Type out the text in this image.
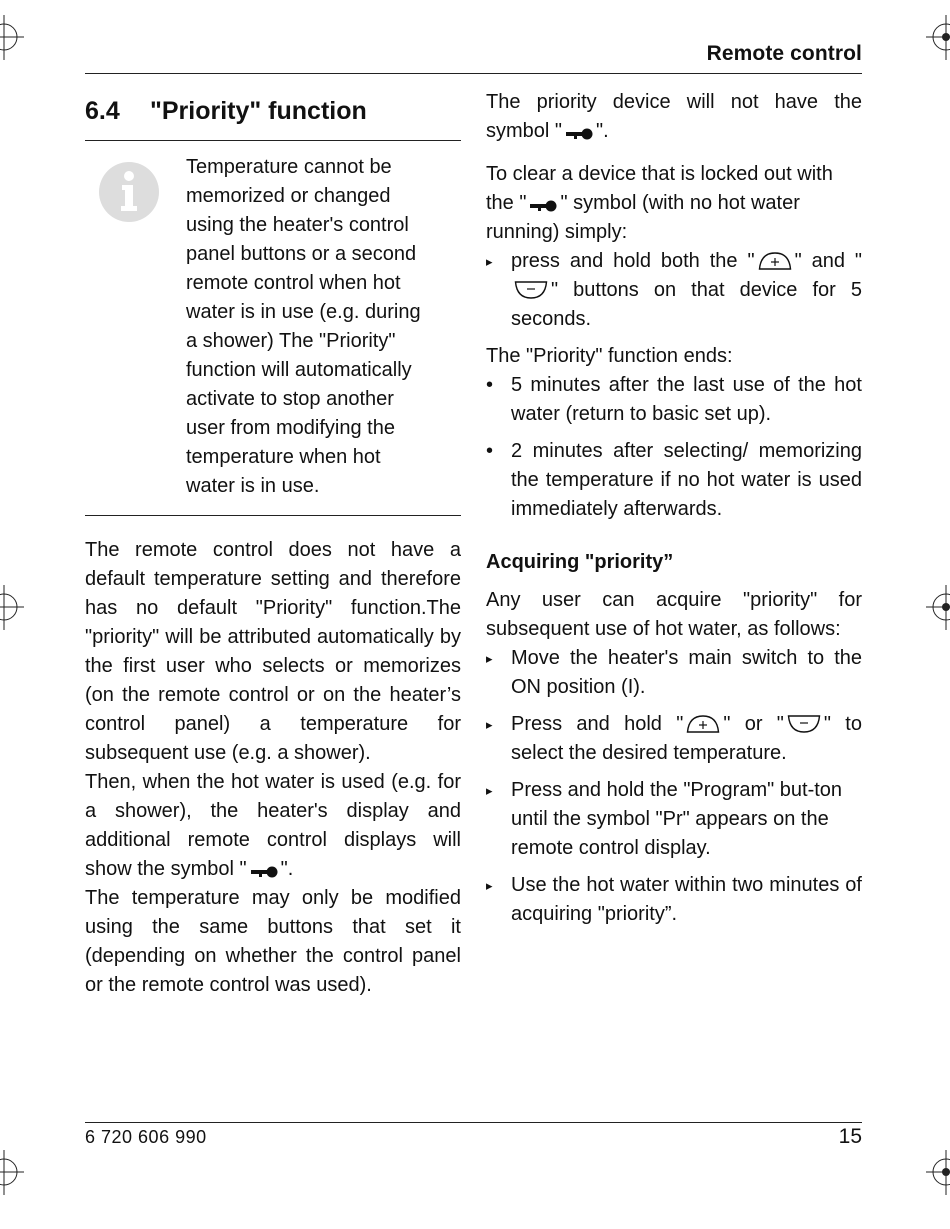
Remote control
6.4 "Priority" function
Temperature cannot be memorized or changed using the heater's control panel buttons or a second remote control when hot water is in use (e.g. during a shower) The "Priority" function will automatically activate to stop another user from modifying the temperature when hot water is in use.

The remote control does not have a default temperature setting and therefore has no default "Priority" function.The "priority" will be attributed automatically by the first user who selects or memorizes (on the remote control or on the heater’s control panel) a temperature for subsequent use (e.g. a shower).

Then, when the hot water is used (e.g. for a shower), the heater's display and additional remote control displays will show the symbol " ".

The temperature may only be modified using the same buttons that set it (depending on whether the control panel or the remote control was used).

The priority device will not have the symbol " ".

To clear a device that is locked out with the " " symbol (with no hot water running) simply:

▸ press and hold both the " " and "" buttons on that device for 5 seconds.

The "Priority" function ends:

• 5 minutes after the last use of the hot water (return to basic set up).
• 2 minutes after selecting/ memorizing the temperature if no hot water is used immediately afterwards.
Acquiring "priority”

Any user can acquire "priority" for subsequent use of hot water, as follows:

▸ Move the heater's main switch to the ON position (I).
▸ Press and hold " " or " " to select the desired temperature.
▸ Press and hold the "Program" but-ton until the symbol "Pr" appears on the remote control display.
▸ Use the hot water within two minutes of acquiring "priority”.
6 720 606 990	15
